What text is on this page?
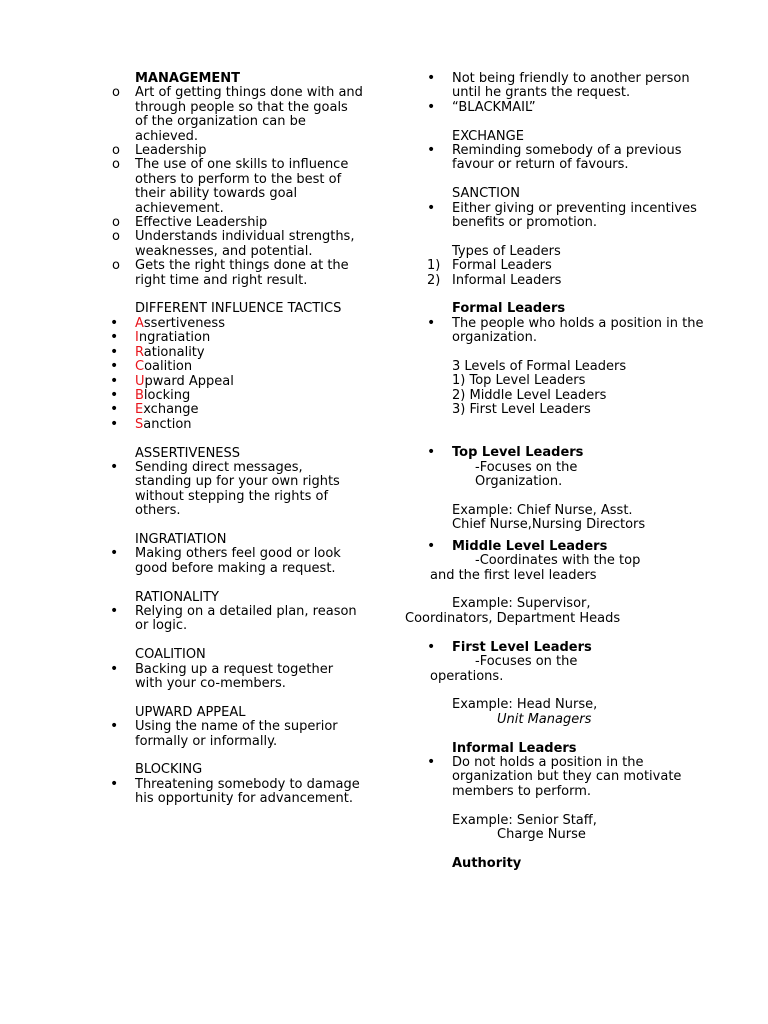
MANAGEMENT
o	Art of getting things done with and through people so that the goals of the organization can be achieved.
o	Leadership
o	The use of one skills to influence others to perform to the best of their ability towards goal achievement.
o	Effective Leadership
o	Understands individual strengths, weaknesses, and potential.
o	Gets the right things done at the right time and right result.
DIFFERENT INFLUENCE TACTICS
•	Assertiveness
•	Ingratiation
•	Rationality
•	Coalition
•	Upward Appeal
•	Blocking
•	Exchange
•	Sanction
ASSERTIVENESS
•	Sending direct messages, standing up for your own rights without stepping the rights of others.
INGRATIATION
•	Making others feel good or look good before making a request.
RATIONALITY
•	Relying on a detailed plan, reason or logic.
COALITION
•	Backing up a request together with your co-members.
UPWARD APPEAL
•	Using the name of the superior formally or informally.
BLOCKING
•	Threatening somebody to damage his opportunity for advancement.
•	Not being friendly to another person until he grants the request.
•	“BLACKMAIL”
EXCHANGE
•	Reminding somebody of a previous favour or return of favours.
SANCTION
•	Either giving or preventing incentives benefits or promotion.
Types of Leaders
1) Formal Leaders
2) Informal Leaders
Formal Leaders
•	The people who holds a position in the organization.
3 Levels of Formal Leaders
1) Top Level Leaders
2) Middle Level Leaders
3) First Level Leaders
•	Top Level Leaders
-Focuses on the
Organization.
Example: Chief Nurse, Asst.
Chief Nurse,Nursing Directors
•	Middle Level Leaders
-Coordinates with the top
and the first level leaders
Example: Supervisor,
Coordinators, Department Heads
•	First Level Leaders
-Focuses on the
operations.
Example: Head Nurse,
Unit Managers
Informal Leaders
•	Do not holds a position in the organization but they can motivate members to perform.
Example: Senior Staff,
Charge Nurse
Authority
